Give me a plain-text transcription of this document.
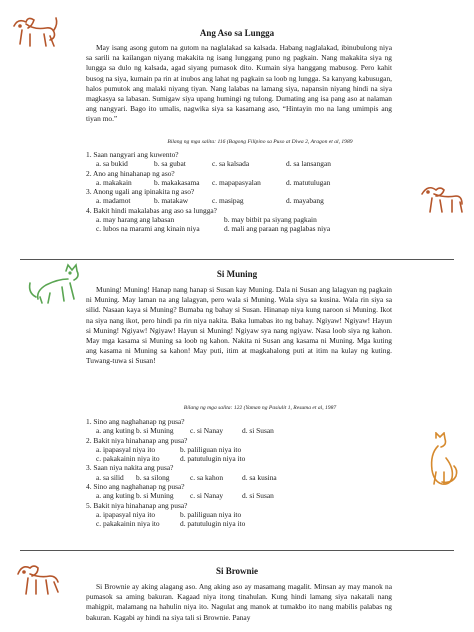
Ang Aso sa Lungga

May isang asong gutom na gutom na naglalakad sa kalsada. Habang naglalakad, ibinubulong niya sa sarili na kailangan niyang makakita ng isang lunggang puno ng pagkain. Nang makakita siya ng lungga sa dulo ng kalsada, agad siyang pumasok dito. Kumain siya hanggang mabusog. Pero kahit busog na siya, kumain pa rin at inubos ang lahat ng pagkain sa loob ng lungga. Sa kanyang kabusugan, halos pumutok ang malaki niyang tiyan. Nang lalabas na lamang siya, napansin niyang hindi na siya magkasya sa labasan. Sumigaw siya upang humingi ng tulong. Dumating ang isa pang aso at nalaman ang nangyari. Bago ito umalis, nagwika siya sa kasamang aso, “Hintayin mo na lang umimpis ang tiyan mo.”

Bilang ng mga salita: 116 (Bagong Filipino sa Puso at Diwa 2, Aragon et al, 1989

1. Saan nangyari ang kuwento?

a. sa bukid	b. sa gubat	c. sa kalsada	d. sa lansangan

2. Ano ang hinahanap ng aso?

a. makakain	b. makakasama	c. mapapasyalan	d. matutulugan

3. Anong ugali ang ipinakita ng aso?

a. madamot	b. matakaw	c. masipag	d. mayabang

4. Bakit hindi makalabas ang aso sa lungga?

a. may harang ang labasan	b. may bitbit pa siyang pagkain
c. lubos na marami ang kinain niya	d. mali ang paraan ng paglabas niya
Si Muning

Muning! Muning! Hanap nang hanap si Susan kay Muning. Dala ni Susan ang lalagyan ng pagkain ni Muning. May laman na ang lalagyan, pero wala si Muning. Wala siya sa kusina. Wala rin siya sa silid. Nasaan kaya si Muning? Bumaba ng bahay si Susan. Hinanap niya kung naroon si Muning. Ikot na siya nang ikot, pero hindi pa rin niya nakita. Baka lumabas ito ng bahay. Ngiyaw! Ngiyaw! Hayun si Muning! Ngiyaw! Ngiyaw! Hayun si Muning! Ngiyaw sya nang ngiyaw. Nasa loob siya ng kahon. May mga kasama si Muning sa loob ng kahon. Nakita ni Susan ang kasama ni Muning. Mga kuting ang kasama ni Muning sa kahon! May puti, itim at magkahalong puti at itim na kulay ng kuting. Tuwang-tuwa si Susan!

Bilang ng mga salita: 122 (Yaman ng Pasiulit 1, Resuma et al, 1987

1. Sino ang naghahanap ng pusa?

a. ang kuting b. si Muning	c. si Nanay	d. si Susan

2. Bakit niya hinahanap ang pusa?

a. ipapasyal niya ito	b. paliliguan niya ito
c. pakakainin niya ito	d. patutulugin niya ito

3. Saan niya nakita ang pusa?

a. sa silid	b. sa silong	c. sa kahon	d. sa kusina

4. Sino ang naghahanap ng pusa?

a. ang kuting b. si Muning	c. si Nanay	d. si Susan

5. Bakit niya hinahanap ang pusa?

a. ipapasyal niya ito	b. paliliguan niya ito
c. pakakainin niya ito	d. patutulugin niya ito
Si Brownie

Si Brownie ay aking alagang aso. Ang aking aso ay masamang magalit. Minsan ay may manok na pumasok sa aming bakuran. Kagaad niya itong tinahulan. Kung hindi lamang siya nakatali nang mahigpit, malamang na hahulin niya ito. Nagulat ang manok at tumakbo ito nang mabilis palabas ng bakuran. Kagabi ay hindi na siya tali si Brownie. Panay
